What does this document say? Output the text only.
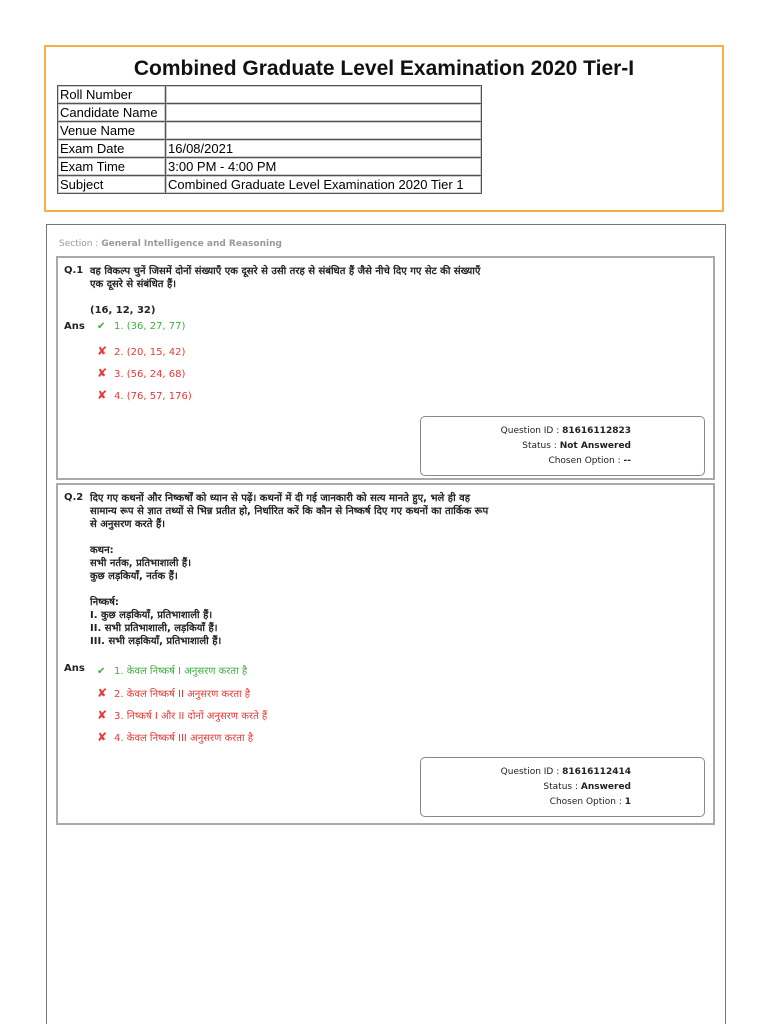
Combined Graduate Level Examination 2020 Tier-I
Roll Number	
Candidate Name	
Venue Name	
Exam Date	16/08/2021
Exam Time	3:00 PM - 4:00 PM
Subject	Combined Graduate Level Examination 2020 Tier 1
Section : General Intelligence and Reasoning
Q.1 वह विकल्प चुनें जिसमें दोनों संख्याएँ एक दूसरे से उसी तरह से संबंधित हैं जैसे नीचे दिए गए सेट की संख्याएँ
एक दूसरे से संबंधित हैं।

(16, 12, 32)
Ans ✔ 1. (36, 27, 77)
✘ 2. (20, 15, 42)
✘ 3. (56, 24, 68)
✘ 4. (76, 57, 176)
Question ID : 81616112823
Status : Not Answered
Chosen Option : --
Q.2 दिए गए कथनों और निष्कर्षों को ध्यान से पढ़ें। कथनों में दी गई जानकारी को सत्य मानते हुए, भले ही वह
सामान्य रूप से ज्ञात तथ्यों से भिन्न प्रतीत हो, निर्धारित करें कि कौन से निष्कर्ष दिए गए कथनों का तार्किक रूप
से अनुसरण करते हैं।

कथन:
सभी नर्तक, प्रतिभाशाली हैं।
कुछ लड़कियाँ, नर्तक हैं।

निष्कर्ष:
I. कुछ लड़कियाँ, प्रतिभाशाली हैं।
II. सभी प्रतिभाशाली, लड़कियाँ हैं।
III. सभी लड़कियाँ, प्रतिभाशाली हैं।
Ans ✔ 1. केवल निष्कर्ष I अनुसरण करता है
✘ 2. केवल निष्कर्ष II अनुसरण करता है
✘ 3. निष्कर्ष I और II दोनों अनुसरण करते हैं
✘ 4. केवल निष्कर्ष III अनुसरण करता है
Question ID : 81616112414
Status : Answered
Chosen Option : 1
